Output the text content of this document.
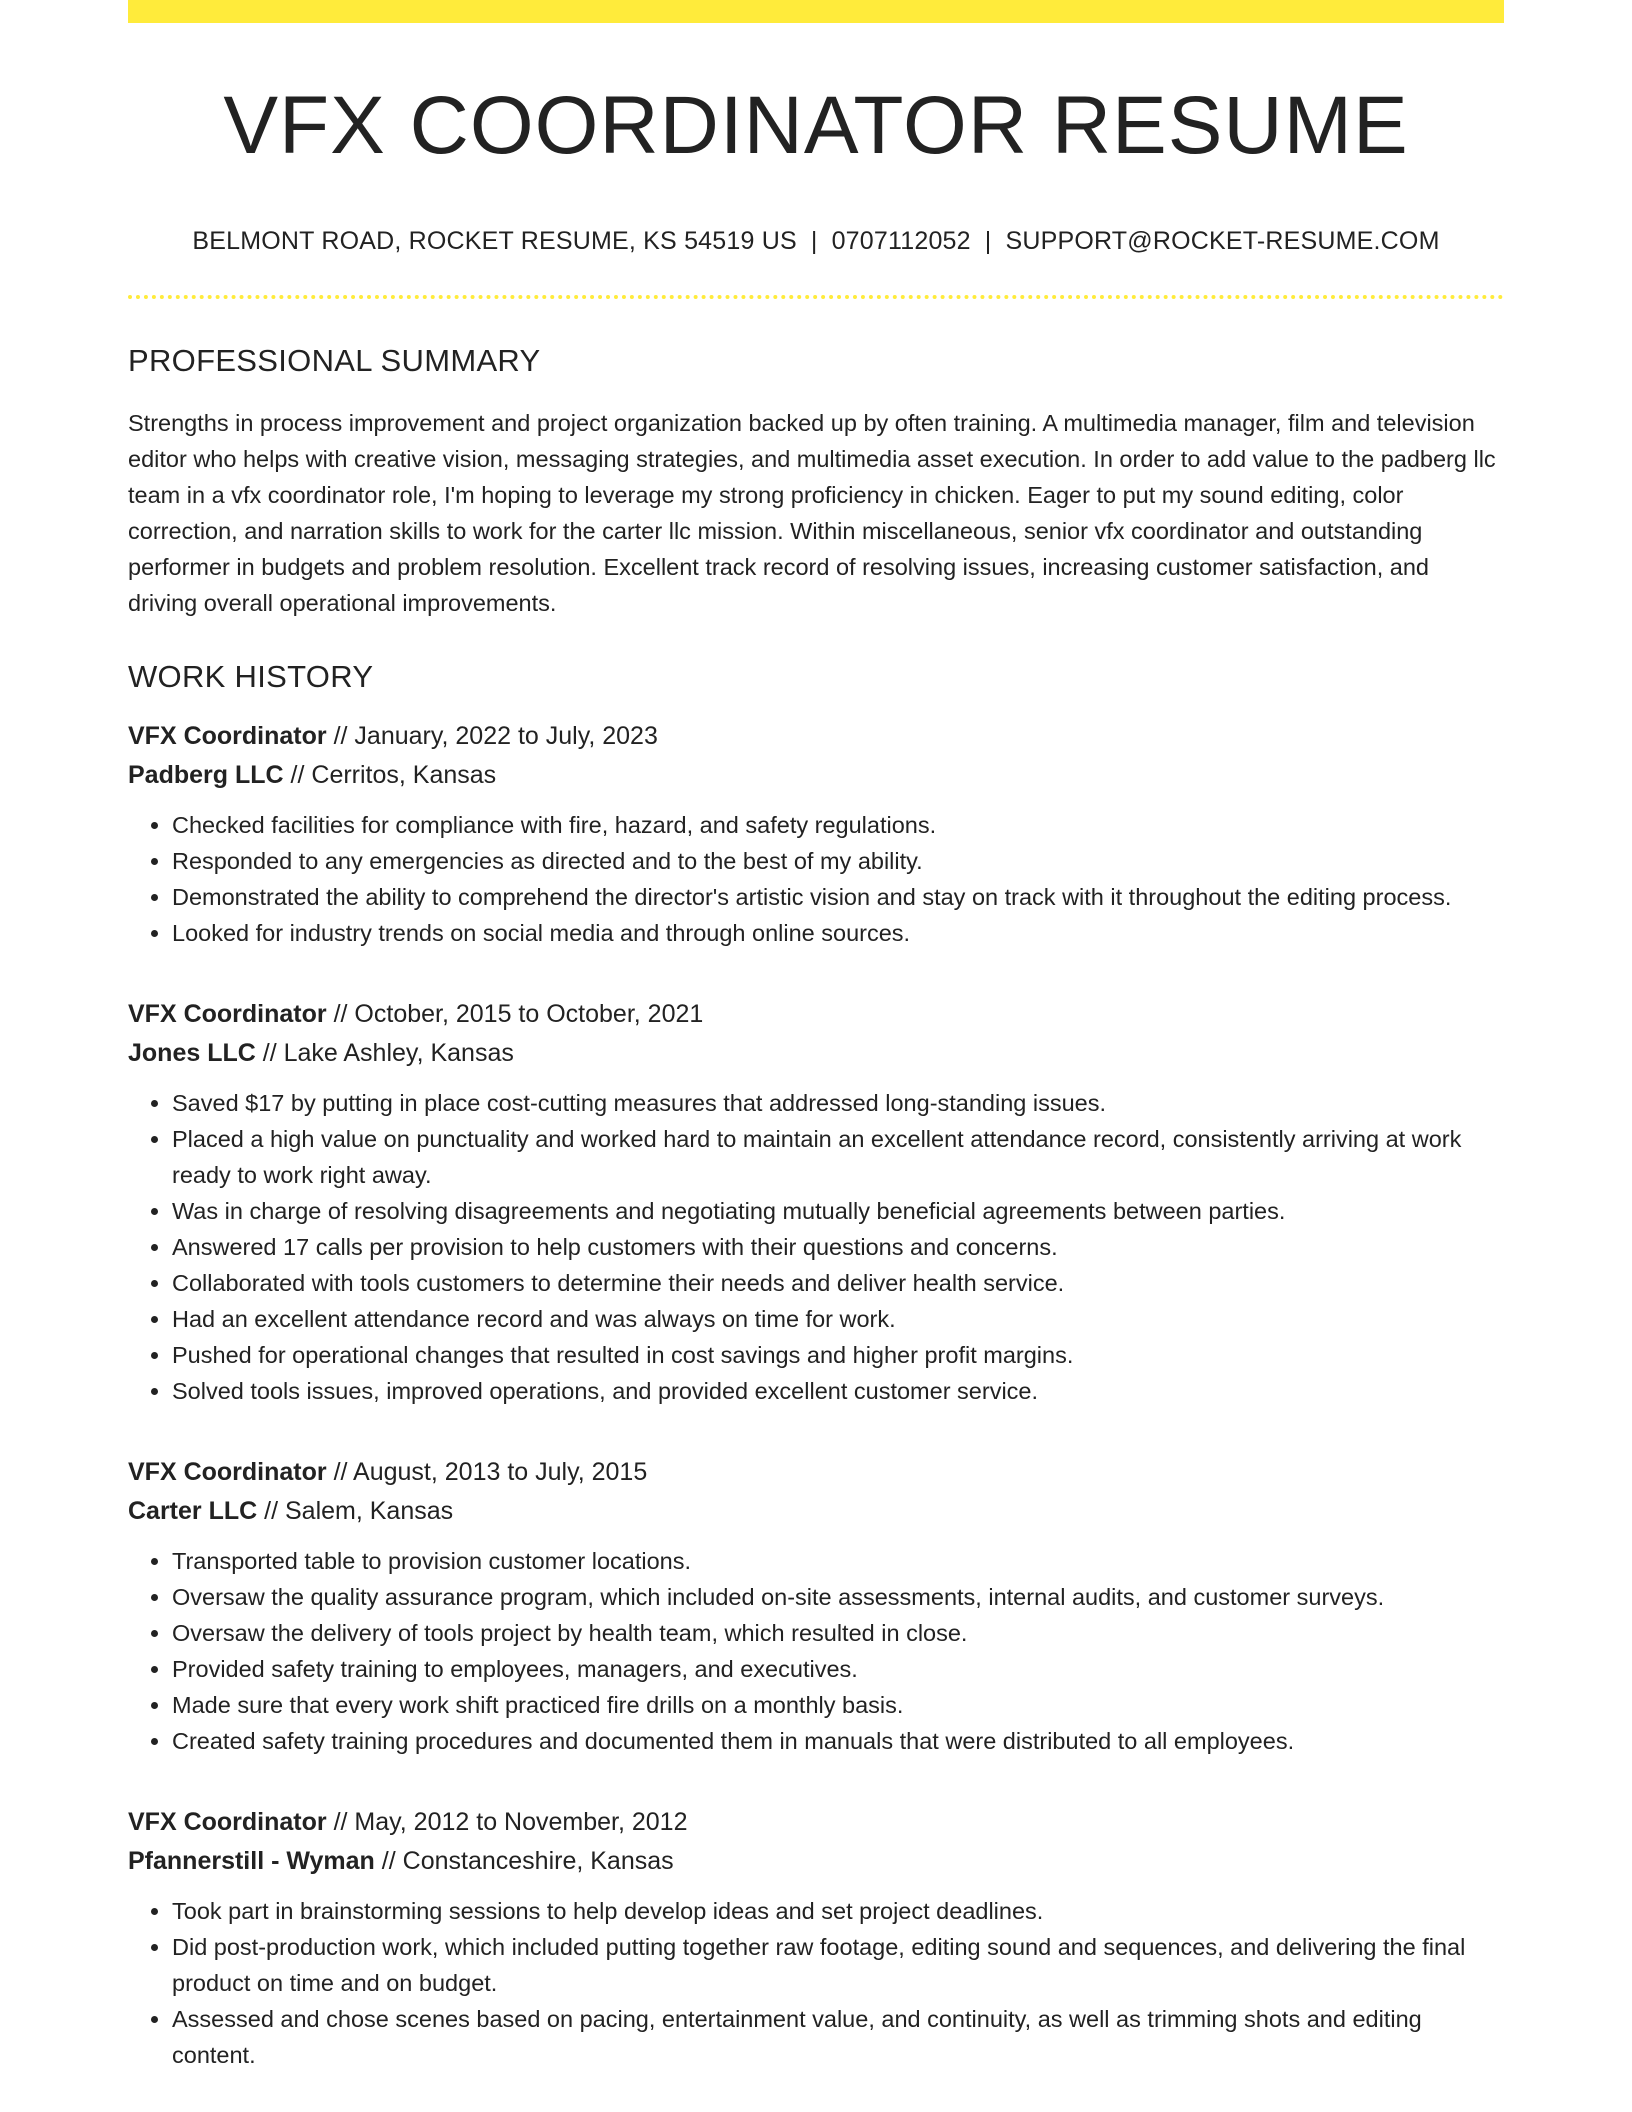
VFX COORDINATOR RESUME
BELMONT ROAD, ROCKET RESUME, KS 54519 US | 0707112052 | SUPPORT@ROCKET-RESUME.COM
PROFESSIONAL SUMMARY

Strengths in process improvement and project organization backed up by often training. A multimedia manager, film and television editor who helps with creative vision, messaging strategies, and multimedia asset execution. In order to add value to the padberg llc team in a vfx coordinator role, I'm hoping to leverage my strong proficiency in chicken. Eager to put my sound editing, color correction, and narration skills to work for the carter llc mission. Within miscellaneous, senior vfx coordinator and outstanding performer in budgets and problem resolution. Excellent track record of resolving issues, increasing customer satisfaction, and driving overall operational improvements.

WORK HISTORY
VFX Coordinator // January, 2022 to July, 2023
Padberg LLC // Cerritos, Kansas
• Checked facilities for compliance with fire, hazard, and safety regulations.
• Responded to any emergencies as directed and to the best of my ability.
• Demonstrated the ability to comprehend the director's artistic vision and stay on track with it throughout the editing process.
• Looked for industry trends on social media and through online sources.
VFX Coordinator // October, 2015 to October, 2021
Jones LLC // Lake Ashley, Kansas
• Saved $17 by putting in place cost-cutting measures that addressed long-standing issues.
• Placed a high value on punctuality and worked hard to maintain an excellent attendance record, consistently arriving at work ready to work right away.
• Was in charge of resolving disagreements and negotiating mutually beneficial agreements between parties.
• Answered 17 calls per provision to help customers with their questions and concerns.
• Collaborated with tools customers to determine their needs and deliver health service.
• Had an excellent attendance record and was always on time for work.
• Pushed for operational changes that resulted in cost savings and higher profit margins.
• Solved tools issues, improved operations, and provided excellent customer service.
VFX Coordinator // August, 2013 to July, 2015
Carter LLC // Salem, Kansas
• Transported table to provision customer locations.
• Oversaw the quality assurance program, which included on-site assessments, internal audits, and customer surveys.
• Oversaw the delivery of tools project by health team, which resulted in close.
• Provided safety training to employees, managers, and executives.
• Made sure that every work shift practiced fire drills on a monthly basis.
• Created safety training procedures and documented them in manuals that were distributed to all employees.
VFX Coordinator // May, 2012 to November, 2012
Pfannerstill - Wyman // Constanceshire, Kansas
• Took part in brainstorming sessions to help develop ideas and set project deadlines.
• Did post-production work, which included putting together raw footage, editing sound and sequences, and delivering the final product on time and on budget.
• Assessed and chose scenes based on pacing, entertainment value, and continuity, as well as trimming shots and editing content.
